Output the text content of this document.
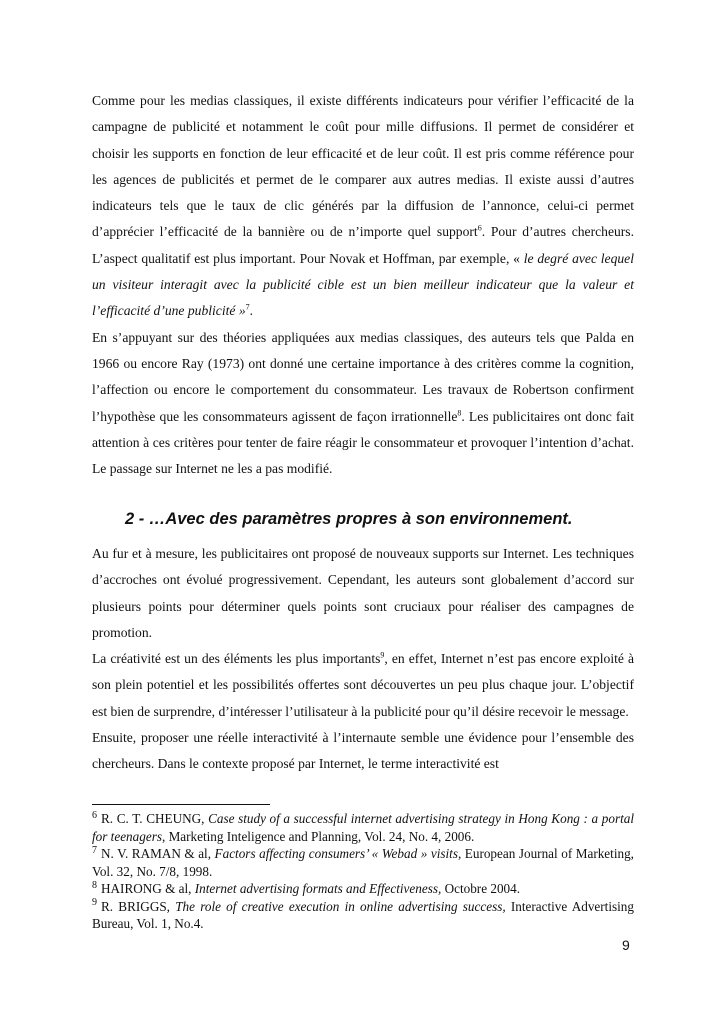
Comme pour les medias classiques, il existe différents indicateurs pour vérifier l’efficacité de la campagne de publicité et notamment le coût pour mille diffusions. Il permet de considérer et choisir les supports en fonction de leur efficacité et de leur coût. Il est pris comme référence pour les agences de publicités et permet de le comparer aux autres medias. Il existe aussi d’autres indicateurs tels que le taux de clic générés par la diffusion de l’annonce, celui-ci permet d’apprécier l’efficacité de la bannière ou de n’importe quel support$^6$. Pour d’autres chercheurs. L’aspect qualitatif est plus important. Pour Novak et Hoffman, par exemple, « le degré avec lequel un visiteur interagit avec la publicité cible est un bien meilleur indicateur que la valeur et l’efficacité d’une publicité »$^7$.

En s’appuyant sur des théories appliquées aux medias classiques, des auteurs tels que Palda en 1966 ou encore Ray (1973) ont donné une certaine importance à des critères comme la cognition, l’affection ou encore le comportement du consommateur. Les travaux de Robertson confirment l’hypothèse que les consommateurs agissent de façon irrationnelle$^8$. Les publicitaires ont donc fait attention à ces critères pour tenter de faire réagir le consommateur et provoquer l’intention d’achat. Le passage sur Internet ne les a pas modifié.

2 - …Avec des paramètres propres à son environnement.

Au fur et à mesure, les publicitaires ont proposé de nouveaux supports sur Internet. Les techniques d’accroches ont évolué progressivement. Cependant, les auteurs sont globalement d’accord sur plusieurs points pour déterminer quels points sont cruciaux pour réaliser des campagnes de promotion.

La créativité est un des éléments les plus importants$^9$, en effet, Internet n’est pas encore exploité à son plein potentiel et les possibilités offertes sont découvertes un peu plus chaque jour. L’objectif est bien de surprendre, d’intéresser l’utilisateur à la publicité pour qu’il désire recevoir le message.

Ensuite, proposer une réelle interactivité à l’internaute semble une évidence pour l’ensemble des chercheurs. Dans le contexte proposé par Internet, le terme interactivité est

$^6$ R. C. T. CHEUNG, Case study of a successful internet advertising strategy in Hong Kong : a portal for teenagers, Marketing Inteligence and Planning, Vol. 24, No. 4, 2006.

$^7$ N. V. RAMAN & al, Factors affecting consumers’ « Webad » visits, European Journal of Marketing, Vol. 32, No. 7/8, 1998.

$^8$ HAIRONG & al, Internet advertising formats and Effectiveness, Octobre 2004.

$^9$ R. BRIGGS, The role of creative execution in online advertising success, Interactive Advertising Bureau, Vol. 1, No.4.

9
